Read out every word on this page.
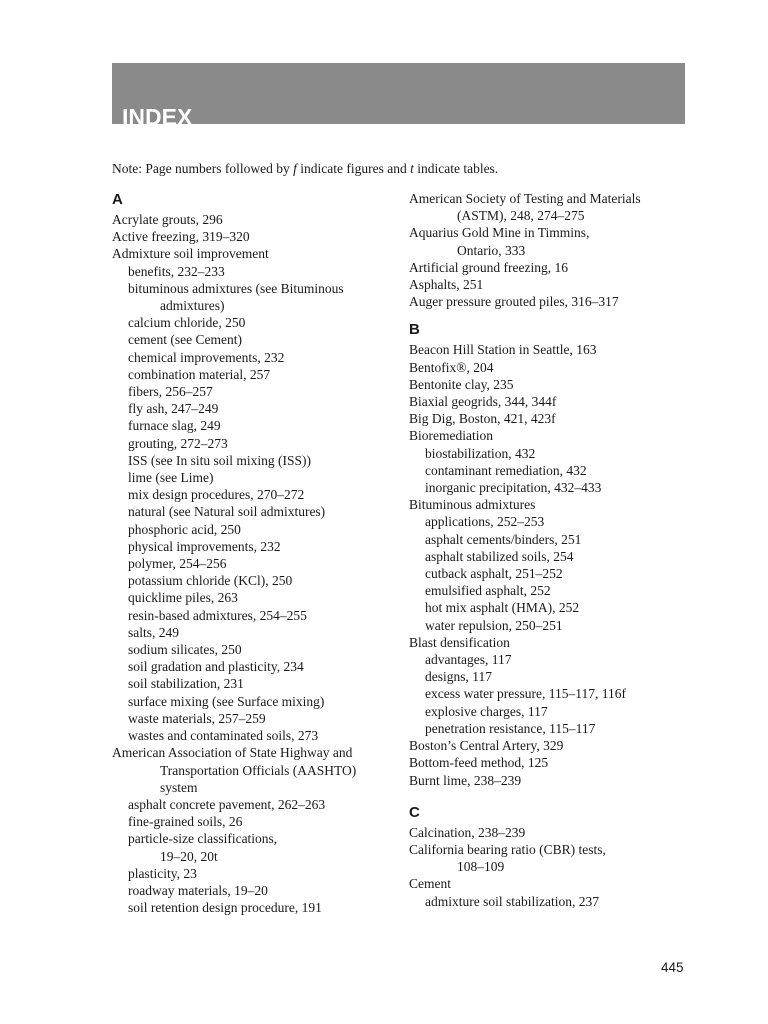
INDEX
Note: Page numbers followed by f indicate figures and t indicate tables.
A
Acrylate grouts, 296
Active freezing, 319–320
Admixture soil improvement
benefits, 232–233
bituminous admixtures (see Bituminous
admixtures)
calcium chloride, 250
cement (see Cement)
chemical improvements, 232
combination material, 257
fibers, 256–257
fly ash, 247–249
furnace slag, 249
grouting, 272–273
ISS (see In situ soil mixing (ISS))
lime (see Lime)
mix design procedures, 270–272
natural (see Natural soil admixtures)
phosphoric acid, 250
physical improvements, 232
polymer, 254–256
potassium chloride (KCl), 250
quicklime piles, 263
resin-based admixtures, 254–255
salts, 249
sodium silicates, 250
soil gradation and plasticity, 234
soil stabilization, 231
surface mixing (see Surface mixing)
waste materials, 257–259
wastes and contaminated soils, 273
American Association of State Highway and
Transportation Officials (AASHTO)
system
asphalt concrete pavement, 262–263
fine-grained soils, 26
particle-size classifications,
19–20, 20t
plasticity, 23
roadway materials, 19–20
soil retention design procedure, 191
American Society of Testing and Materials
(ASTM), 248, 274–275
Aquarius Gold Mine in Timmins,
Ontario, 333
Artificial ground freezing, 16
Asphalts, 251
Auger pressure grouted piles, 316–317
B
Beacon Hill Station in Seattle, 163
Bentofix®, 204
Bentonite clay, 235
Biaxial geogrids, 344, 344f
Big Dig, Boston, 421, 423f
Bioremediation
biostabilization, 432
contaminant remediation, 432
inorganic precipitation, 432–433
Bituminous admixtures
applications, 252–253
asphalt cements/binders, 251
asphalt stabilized soils, 254
cutback asphalt, 251–252
emulsified asphalt, 252
hot mix asphalt (HMA), 252
water repulsion, 250–251
Blast densification
advantages, 117
designs, 117
excess water pressure, 115–117, 116f
explosive charges, 117
penetration resistance, 115–117
Boston’s Central Artery, 329
Bottom-feed method, 125
Burnt lime, 238–239
C
Calcination, 238–239
California bearing ratio (CBR) tests,
108–109
Cement
admixture soil stabilization, 237
445
